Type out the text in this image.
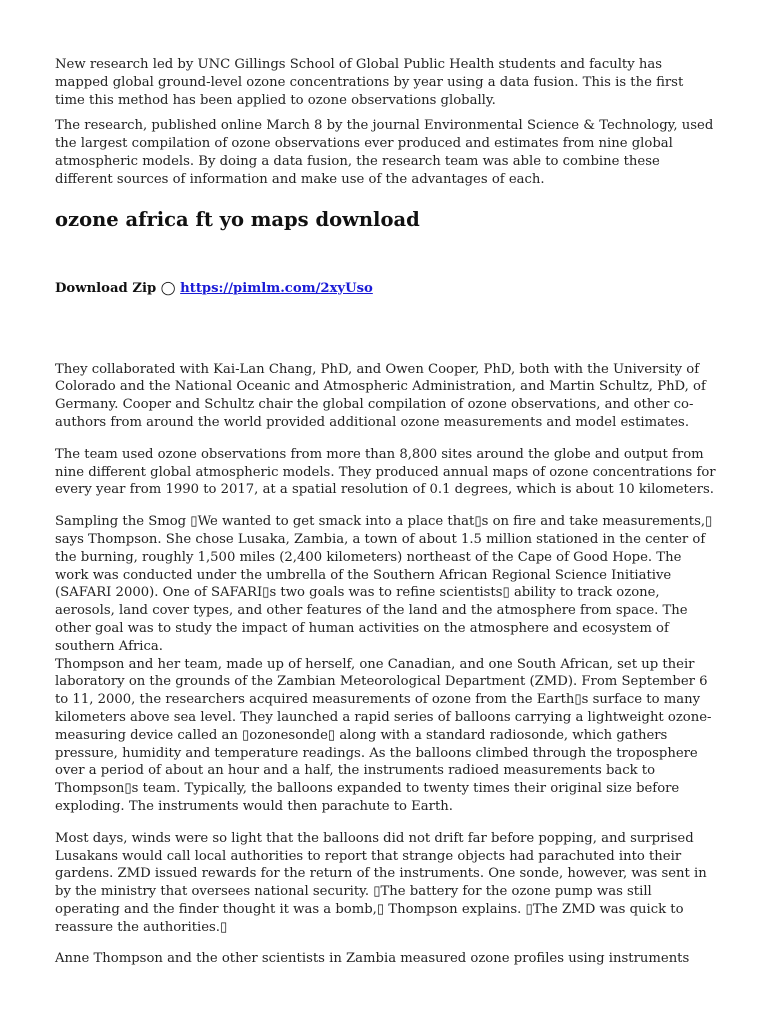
New research led by UNC Gillings School of Global Public Health students and faculty has mapped global ground-level ozone concentrations by year using a data fusion. This is the first time this method has been applied to ozone observations globally.

The research, published online March 8 by the journal Environmental Science & Technology, used the largest compilation of ozone observations ever produced and estimates from nine global atmospheric models. By doing a data fusion, the research team was able to combine these different sources of information and make use of the advantages of each.

ozone africa ft yo maps download
Download Zip ◯ https://pimlm.com/2xyUso

They collaborated with Kai-Lan Chang, PhD, and Owen Cooper, PhD, both with the University of Colorado and the National Oceanic and Atmospheric Administration, and Martin Schultz, PhD, of Germany. Cooper and Schultz chair the global compilation of ozone observations, and other co-authors from around the world provided additional ozone measurements and model estimates.

The team used ozone observations from more than 8,800 sites around the globe and output from nine different global atmospheric models. They produced annual maps of ozone concentrations for every year from 1990 to 2017, at a spatial resolution of 0.1 degrees, which is about 10 kilometers.

Sampling the Smog ▯We wanted to get smack into a place that▯s on fire and take measurements,▯ says Thompson. She chose Lusaka, Zambia, a town of about 1.5 million stationed in the center of the burning, roughly 1,500 miles (2,400 kilometers) northeast of the Cape of Good Hope. The work was conducted under the umbrella of the Southern African Regional Science Initiative (SAFARI 2000). One of SAFARI▯s two goals was to refine scientists▯ ability to track ozone, aerosols, land cover types, and other features of the land and the atmosphere from space. The other goal was to study the impact of human activities on the atmosphere and ecosystem of southern Africa.

Thompson and her team, made up of herself, one Canadian, and one South African, set up their laboratory on the grounds of the Zambian Meteorological Department (ZMD). From September 6 to 11, 2000, the researchers acquired measurements of ozone from the Earth▯s surface to many kilometers above sea level. They launched a rapid series of balloons carrying a lightweight ozone-measuring device called an ▯ozonesonde▯ along with a standard radiosonde, which gathers pressure, humidity and temperature readings. As the balloons climbed through the troposphere over a period of about an hour and a half, the instruments radioed measurements back to Thompson▯s team. Typically, the balloons expanded to twenty times their original size before exploding. The instruments would then parachute to Earth.

Most days, winds were so light that the balloons did not drift far before popping, and surprised Lusakans would call local authorities to report that strange objects had parachuted into their gardens. ZMD issued rewards for the return of the instruments. One sonde, however, was sent in by the ministry that oversees national security. ▯The battery for the ozone pump was still operating and the finder thought it was a bomb,▯ Thompson explains. ▯The ZMD was quick to reassure the authorities.▯

Anne Thompson and the other scientists in Zambia measured ozone profiles using instruments
